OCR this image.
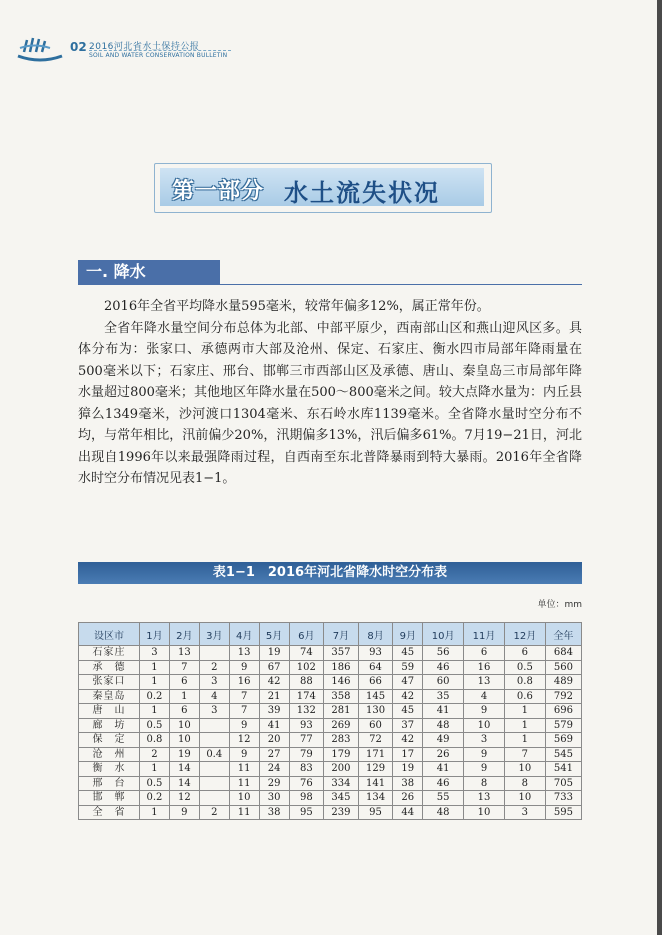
02 2016河北省水土保持公报
SOIL AND WATER CONSERVATION BULLETIN
第一部分 水土流失状况
一. 降水

2016年全省平均降水量595毫米，较常年偏多12%，属正常年份。

全省年降水量空间分布总体为北部、中部平原少，西南部山区和燕山迎风区多。具体分布为：张家口、承德两市大部及沧州、保定、石家庄、衡水四市局部年降雨量在500毫米以下；石家庄、邢台、邯郸三市西部山区及承德、唐山、秦皇岛三市局部年降水量超过800毫米；其他地区年降水量在500～800毫米之间。较大点降水量为：内丘县獐么1349毫米，沙河渡口1304毫米、东石岭水库1139毫米。全省降水量时空分布不均，与常年相比，汛前偏少20%，汛期偏多13%，汛后偏多61%。7月19−21日，河北出现自1996年以来最强降雨过程，自西南至东北普降暴雨到特大暴雨。2016年全省降水时空分布情况见表1−1。

表1−1　2016年河北省降水时空分布表
单位：mm
设区市	1月	2月	3月	4月	5月	6月	7月	8月	9月	10月	11月	12月	全年
石家庄	3	13		13	19	74	357	93	45	56	6	6	684
承　德	1	7	2	9	67	102	186	64	59	46	16	0.5	560
张家口	1	6	3	16	42	88	146	66	47	60	13	0.8	489
秦皇岛	0.2	1	4	7	21	174	358	145	42	35	4	0.6	792
唐　山	1	6	3	7	39	132	281	130	45	41	9	1	696
廊　坊	0.5	10		9	41	93	269	60	37	48	10	1	579
保　定	0.8	10		12	20	77	283	72	42	49	3	1	569
沧　州	2	19	0.4	9	27	79	179	171	17	26	9	7	545
衡　水	1	14		11	24	83	200	129	19	41	9	10	541
邢　台	0.5	14		11	29	76	334	141	38	46	8	8	705
邯　郸	0.2	12		10	30	98	345	134	26	55	13	10	733
全　省	1	9	2	11	38	95	239	95	44	48	10	3	595
